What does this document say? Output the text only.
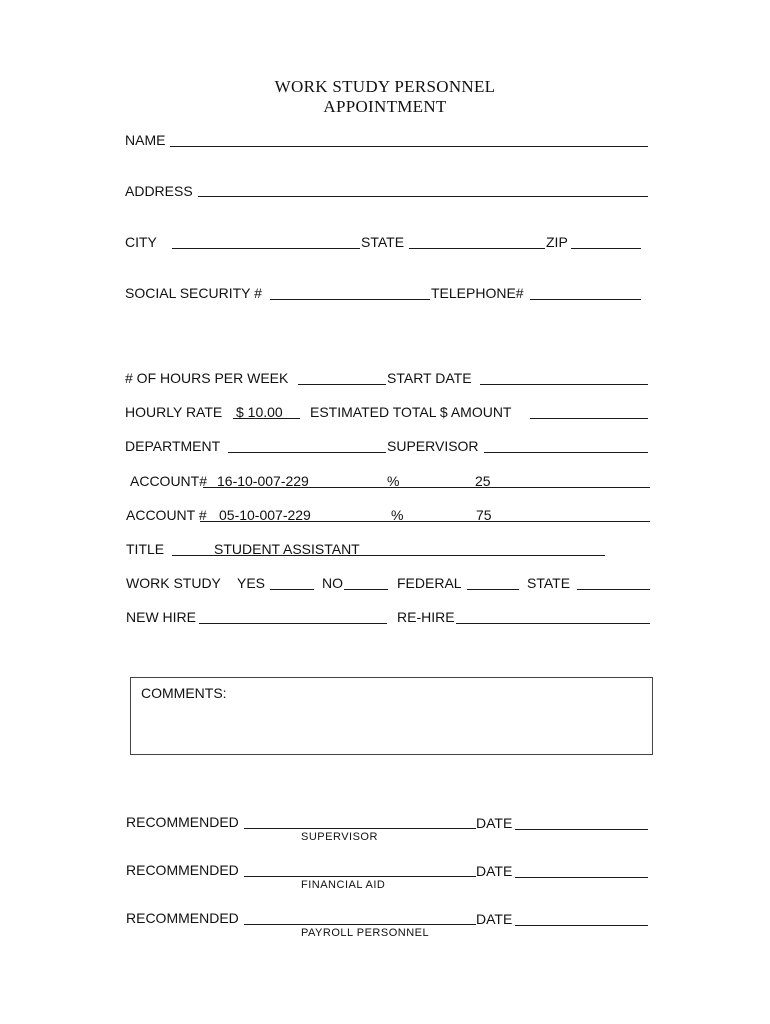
WORK STUDY PERSONNEL
APPOINTMENT
NAME
ADDRESS
CITY	STATE	ZIP
SOCIAL SECURITY #	TELEPHONE#
# OF HOURS PER WEEK	START DATE
HOURLY RATE $ 10.00 ESTIMATED TOTAL $ AMOUNT
DEPARTMENT	SUPERVISOR
ACCOUNT# 16-10-007-229	%	25
ACCOUNT # 05-10-007-229	%	75
TITLE	STUDENT ASSISTANT
WORK STUDY YES	NO	FEDERAL	STATE
NEW HIRE	RE-HIRE
COMMENTS:
RECOMMENDED	DATE
SUPERVISOR
RECOMMENDED	DATE
FINANCIAL AID
RECOMMENDED	DATE
PAYROLL PERSONNEL
